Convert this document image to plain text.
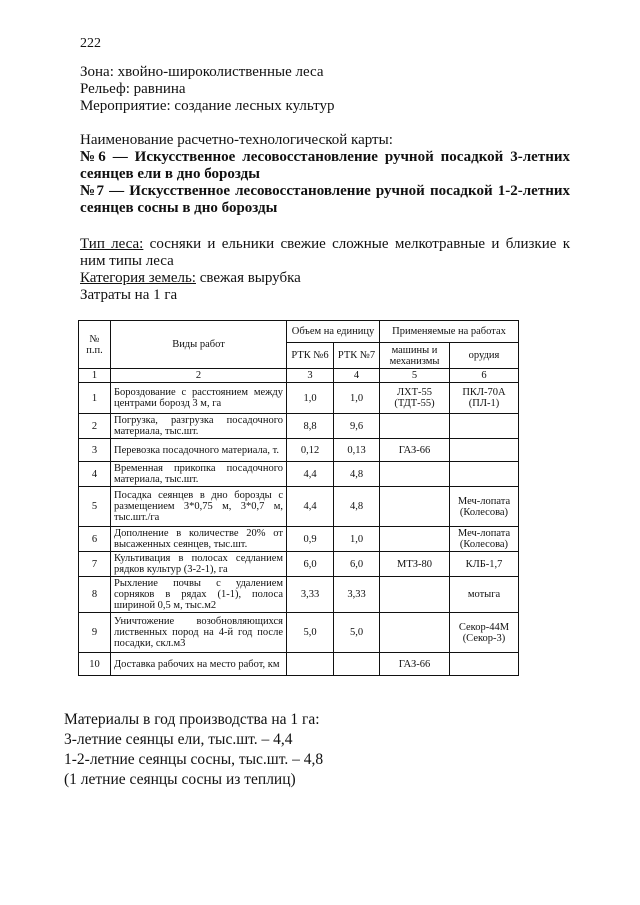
222

Зона: хвойно-широколиственные леса

Рельеф: равнина

Мероприятие: создание лесных культур

Наименование расчетно-технологической карты:

№6 — Искусственное лесовосстановление ручной посадкой 3-летних сеянцев ели в дно борозды

№7 — Искусственное лесовосстановление ручной посадкой 1-2-летних сеянцев сосны в дно борозды

Тип леса: сосняки и ельники свежие сложные мелкотравные и близкие к ним типы леса

Категория земель: свежая вырубка

Затраты на 1 га

№ п.п.	Виды работ	Объем на единицу		Применяемые на работах	
		РТК №6	РТК №7	машины и механизмы	орудия
1	2	3	4	5	6
1	Бороздование с расстоянием между центрами борозд 3 м, га	1,0	1,0	ЛХТ-55 (ТДТ-55)	ПКЛ-70А (ПЛ-1)
2	Погрузка, разгрузка посадочного материала, тыс.шт.	8,8	9,6		
3	Перевозка посадочного материала, т.	0,12	0,13	ГАЗ-66	
4	Временная прикопка посадочного материала, тыс.шт.	4,4	4,8		
5	Посадка сеянцев в дно борозды с размещением 3*0,75 м, 3*0,7 м, тыс.шт./га	4,4	4,8		Меч-лопата (Колесова)
6	Дополнение в количестве 20% от высаженных сеянцев, тыс.шт.	0,9	1,0		Меч-лопата (Колесова)
7	Культивация в полосах седланием рядков культур (3-2-1), га	6,0	6,0	МТЗ-80	КЛБ-1,7
8	Рыхление почвы с удалением сорняков в рядах (1-1), полоса шириной 0,5 м, тыс.м2	3,33	3,33		мотыга
9	Уничтожение возобновляющихся лиственных пород на 4-й год после посадки, скл.м3	5,0	5,0		Секор-44М (Секор-3)
10	Доставка рабочих на место работ, км			ГАЗ-66	

Материалы в год производства на 1 га:

3-летние сеянцы ели, тыс.шт. – 4,4

1-2-летние сеянцы сосны, тыс.шт. – 4,8

(1 летние сеянцы сосны из теплиц)
